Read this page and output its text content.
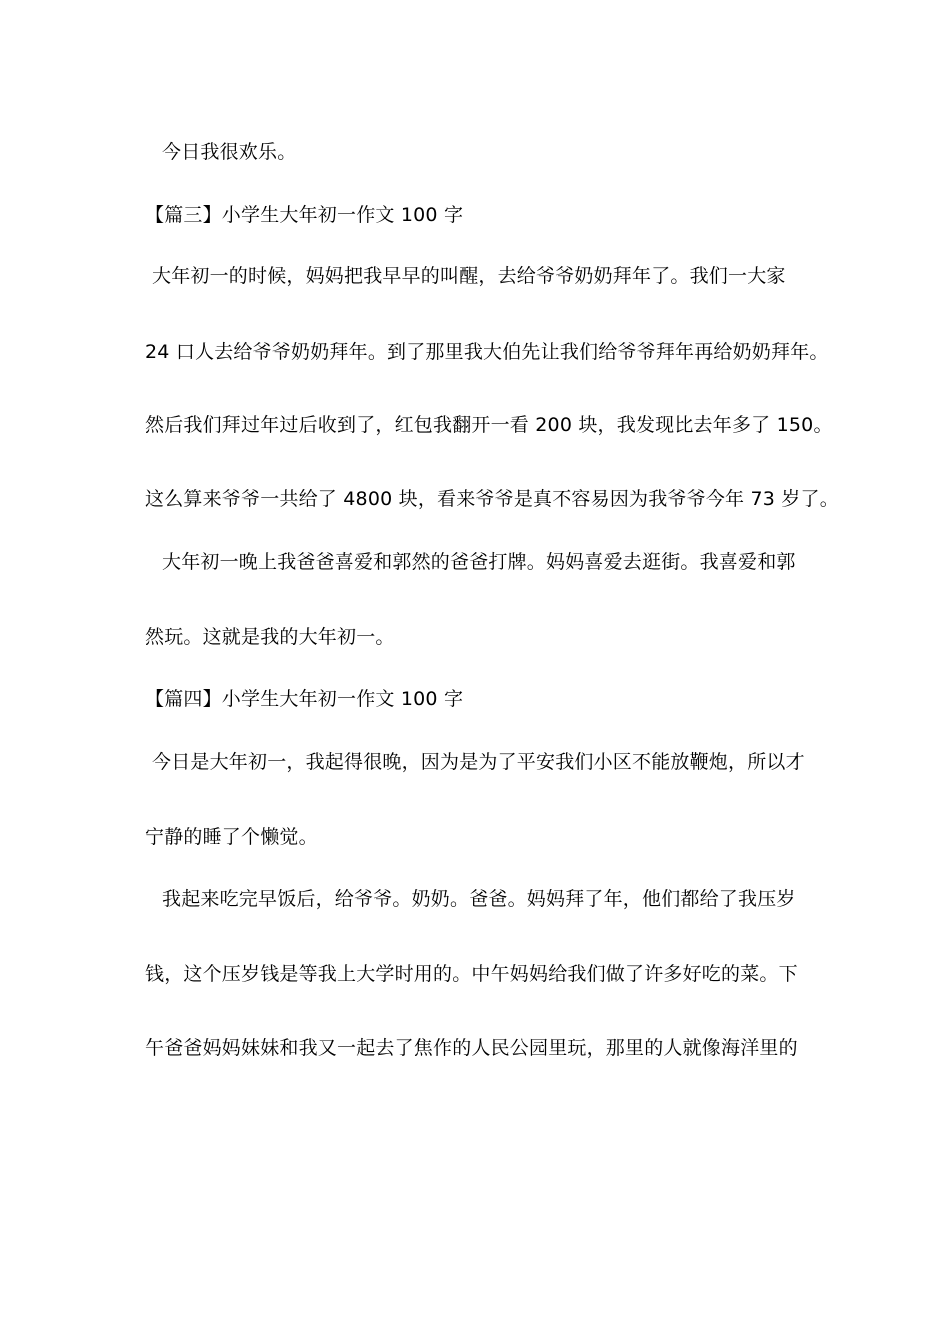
今日我很欢乐。
【篇三】小学生大年初一作文 100 字
大年初一的时候，妈妈把我早早的叫醒，去给爷爷奶奶拜年了。我们一大家
24 口人去给爷爷奶奶拜年。到了那里我大伯先让我们给爷爷拜年再给奶奶拜年。
然后我们拜过年过后收到了，红包我翻开一看 200 块，我发现比去年多了 150。
这么算来爷爷一共给了 4800 块，看来爷爷是真不容易因为我爷爷今年 73 岁了。
大年初一晚上我爸爸喜爱和郭然的爸爸打牌。妈妈喜爱去逛街。我喜爱和郭
然玩。这就是我的大年初一。
【篇四】小学生大年初一作文 100 字
今日是大年初一，我起得很晚，因为是为了平安我们小区不能放鞭炮，所以才
宁静的睡了个懒觉。
我起来吃完早饭后，给爷爷。奶奶。爸爸。妈妈拜了年，他们都给了我压岁
钱，这个压岁钱是等我上大学时用的。中午妈妈给我们做了许多好吃的菜。下
午爸爸妈妈妹妹和我又一起去了焦作的人民公园里玩，那里的人就像海洋里的
